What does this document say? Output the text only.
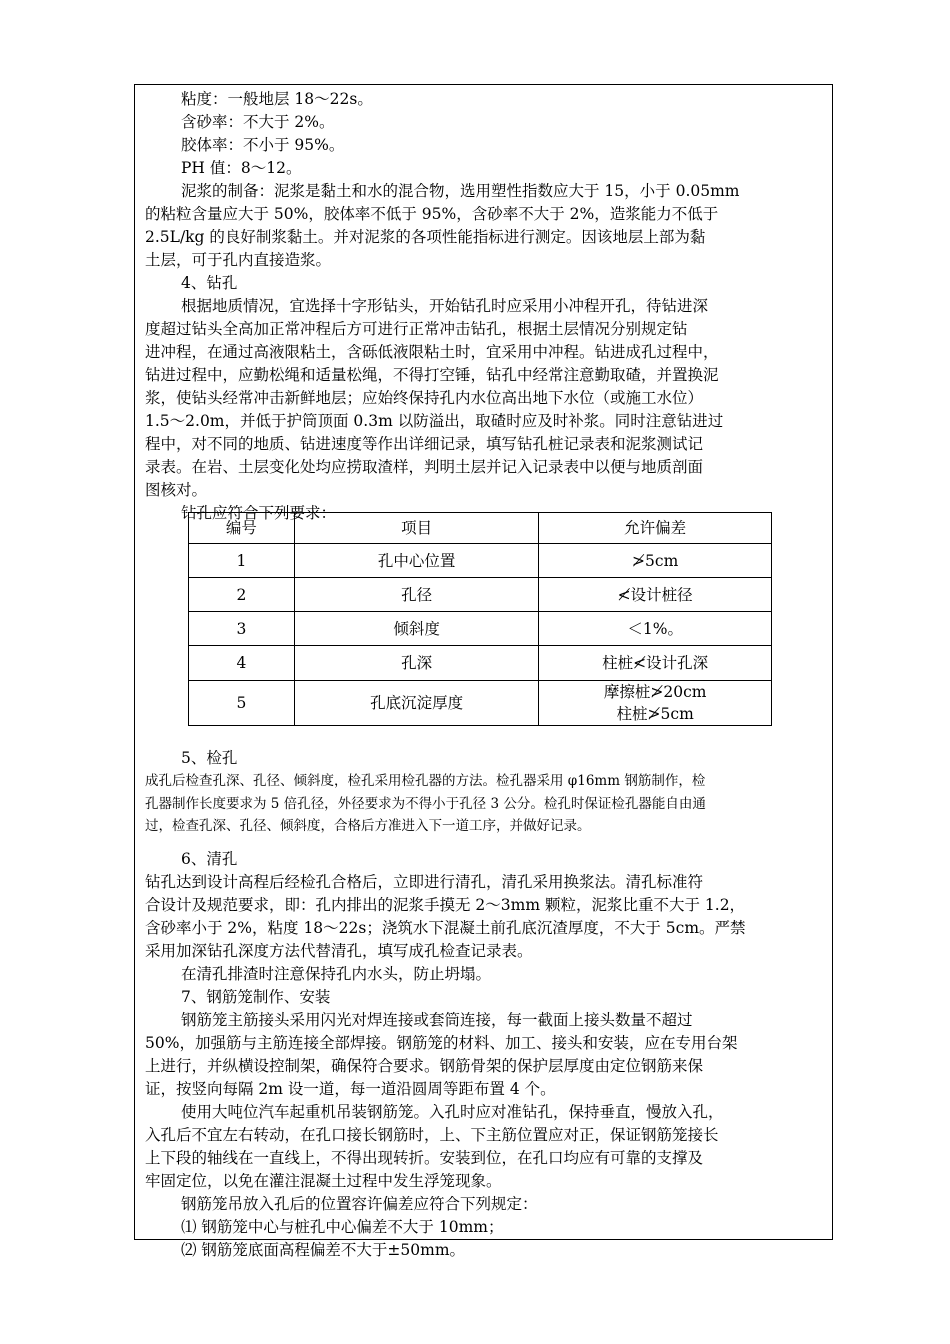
粘度：一般地层 18～22s。
含砂率：不大于 2%。
胶体率：不小于 95%。
PH 值：8～12。
泥浆的制备：泥浆是黏土和水的混合物，选用塑性指数应大于 15，小于 0.05mm
的粘粒含量应大于 50%，胶体率不低于 95%，含砂率不大于 2%，造浆能力不低于
2.5L/kg 的良好制浆黏土。并对泥浆的各项性能指标进行测定。因该地层上部为黏
土层，可于孔内直接造浆。
4、钻孔
根据地质情况，宜选择十字形钻头，开始钻孔时应采用小冲程开孔，待钻进深
度超过钻头全高加正常冲程后方可进行正常冲击钻孔，根据土层情况分别规定钻
进冲程，在通过高液限粘土，含砾低液限粘土时，宜采用中冲程。钻进成孔过程中，
钻进过程中，应勤松绳和适量松绳，不得打空锤，钻孔中经常注意勤取碴，并置换泥
浆，使钻头经常冲击新鲜地层；应始终保持孔内水位高出地下水位（或施工水位）
1.5～2.0m，并低于护筒顶面 0.3m 以防溢出，取碴时应及时补浆。同时注意钻进过
程中，对不同的地质、钻进速度等作出详细记录，填写钻孔桩记录表和泥浆测试记
录表。在岩、土层变化处均应捞取渣样，判明土层并记入记录表中以便与地质剖面
图核对。
钻孔应符合下列要求：
编号	项目	允许偏差
1	孔中心位置	≯5cm
2	孔径	≮设计桩径
3	倾斜度	＜1%。
4	孔深	柱桩≮设计孔深
5	孔底沉淀厚度	摩擦桩≯20cm
柱桩≯5cm
5、检孔
成孔后检查孔深、孔径、倾斜度，检孔采用检孔器的方法。检孔器采用 φ16mm 钢筋制作，检
孔器制作长度要求为 5 倍孔径，外径要求为不得小于孔径 3 公分。检孔时保证检孔器能自由通
过，检查孔深、孔径、倾斜度，合格后方准进入下一道工序，并做好记录。
6、清孔
钻孔达到设计高程后经检孔合格后，立即进行清孔，清孔采用换浆法。清孔标准符
合设计及规范要求，即：孔内排出的泥浆手摸无 2～3mm 颗粒，泥浆比重不大于 1.2，
含砂率小于 2%，粘度 18～22s；浇筑水下混凝土前孔底沉渣厚度，不大于 5cm。严禁
采用加深钻孔深度方法代替清孔，填写成孔检查记录表。
在清孔排渣时注意保持孔内水头，防止坍塌。
7、钢筋笼制作、安装
钢筋笼主筋接头采用闪光对焊连接或套筒连接，每一截面上接头数量不超过
50%，加强筋与主筋连接全部焊接。钢筋笼的材料、加工、接头和安装，应在专用台架
上进行，并纵横设控制架，确保符合要求。钢筋骨架的保护层厚度由定位钢筋来保
证，按竖向每隔 2m 设一道，每一道沿圆周等距布置 4 个。
使用大吨位汽车起重机吊装钢筋笼。入孔时应对准钻孔，保持垂直，慢放入孔，
入孔后不宜左右转动，在孔口接长钢筋时，上、下主筋位置应对正，保证钢筋笼接长
上下段的轴线在一直线上，不得出现转折。安装到位，在孔口均应有可靠的支撑及
牢固定位，以免在灌注混凝土过程中发生浮笼现象。
钢筋笼吊放入孔后的位置容许偏差应符合下列规定：
⑴ 钢筋笼中心与桩孔中心偏差不大于 10mm；
⑵ 钢筋笼底面高程偏差不大于±50mm。
